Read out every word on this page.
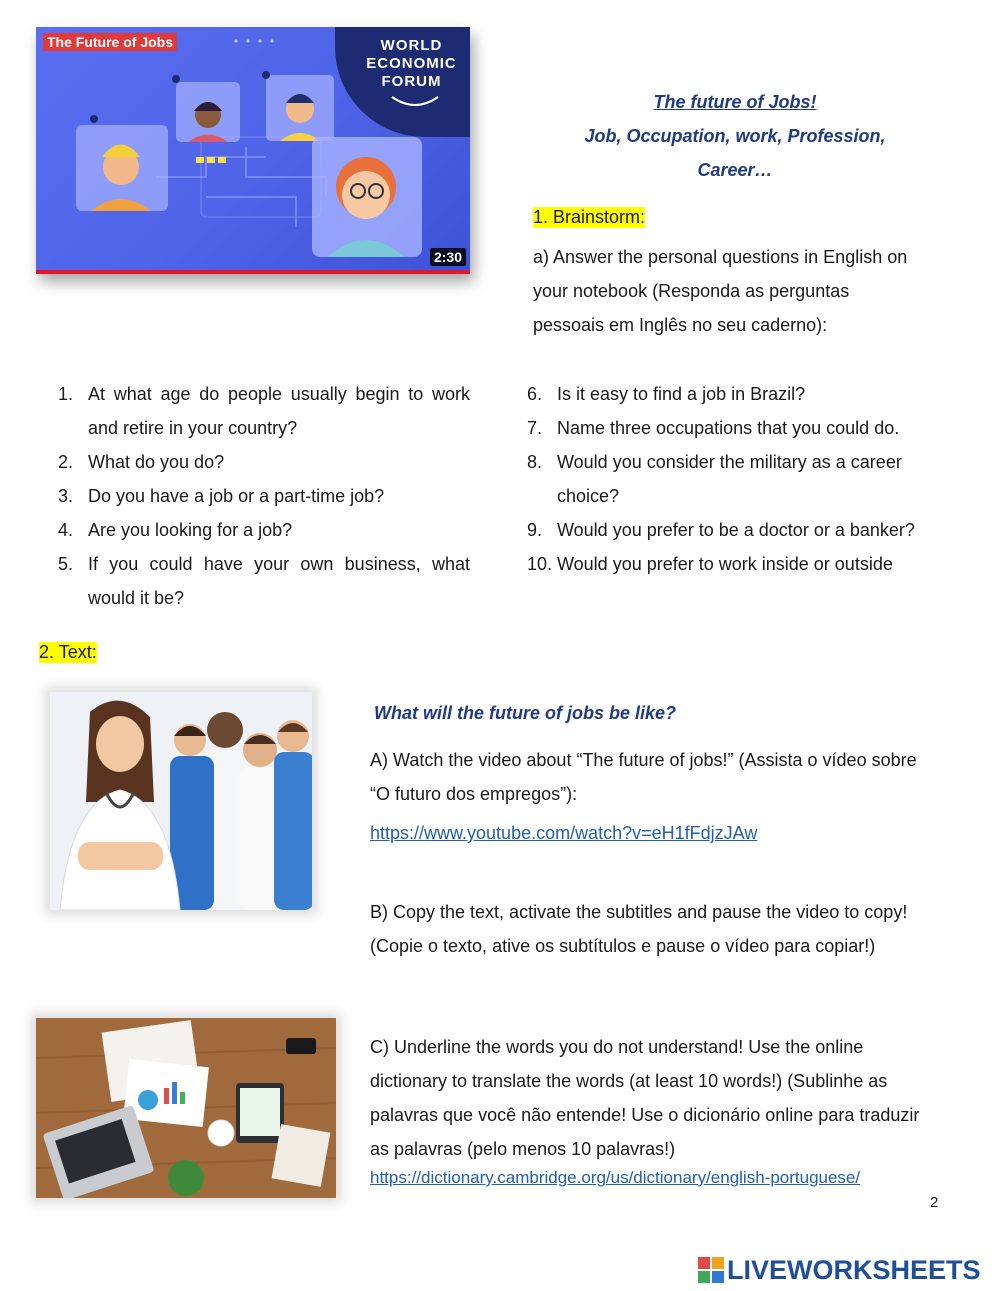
WORLD
ECONOMIC
FORUM
The Future of Jobs
2:30
The future of Jobs!
Job, Occupation, work, Profession,
Career…
1. Brainstorm:
a) Answer the personal questions in English on your notebook (Responda as perguntas pessoais em Inglês no seu caderno):
1. At what age do people usually begin to work and retire in your country?
2. What do you do?
3. Do you have a job or a part-time job?
4. Are you looking for a job?
5. If you could have your own business, what would it be?
6. Is it easy to find a job in Brazil?
7. Name three occupations that you could do.
8. Would you consider the military as a career choice?
9. Would you prefer to be a doctor or a banker?
10. Would you prefer to work inside or outside
2. Text:
What will the future of jobs be like?
A) Watch the video about “The future of jobs!” (Assista o vídeo sobre “O futuro dos empregos”):
https://www.youtube.com/watch?v=eH1fFdjzJAw
B) Copy the text, activate the subtitles and pause the video to copy! (Copie o texto, ative os subtítulos e pause o vídeo para copiar!)
C) Underline the words you do not understand! Use the online dictionary to translate the words (at least 10 words!) (Sublinhe as palavras que você não entende! Use o dicionário online para traduzir as palavras (pelo menos 10 palavras!)
https://dictionary.cambridge.org/us/dictionary/english-portuguese/
2
LIVEWORKSHEETS
